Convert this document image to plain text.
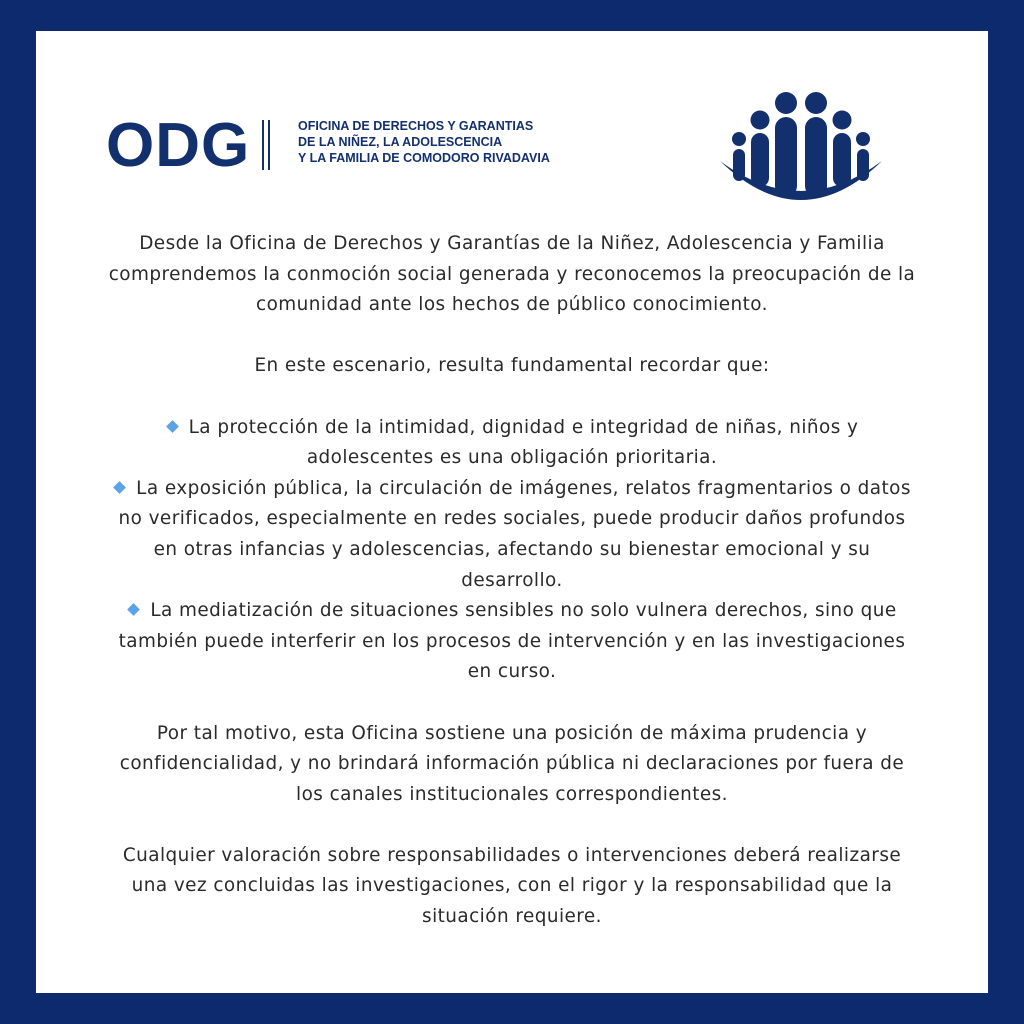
ODG	OFICINA DE DERECHOS Y GARANTIAS
DE LA NIÑEZ, LA ADOLESCENCIA
Y LA FAMILIA DE COMODORO RIVADAVIA

Desde la Oficina de Derechos y Garantías de la Niñez, Adolescencia y Familia
comprendemos la conmoción social generada y reconocemos la preocupación de la
comunidad ante los hechos de público conocimiento.

En este escenario, resulta fundamental recordar que:

La protección de la intimidad, dignidad e integridad de niñas, niños y
adolescentes es una obligación prioritaria.

La exposición pública, la circulación de imágenes, relatos fragmentarios o datos
no verificados, especialmente en redes sociales, puede producir daños profundos
en otras infancias y adolescencias, afectando su bienestar emocional y su
desarrollo.

La mediatización de situaciones sensibles no solo vulnera derechos, sino que
también puede interferir en los procesos de intervención y en las investigaciones
en curso.

Por tal motivo, esta Oficina sostiene una posición de máxima prudencia y
confidencialidad, y no brindará información pública ni declaraciones por fuera de
los canales institucionales correspondientes.

Cualquier valoración sobre responsabilidades o intervenciones deberá realizarse
una vez concluidas las investigaciones, con el rigor y la responsabilidad que la
situación requiere.
